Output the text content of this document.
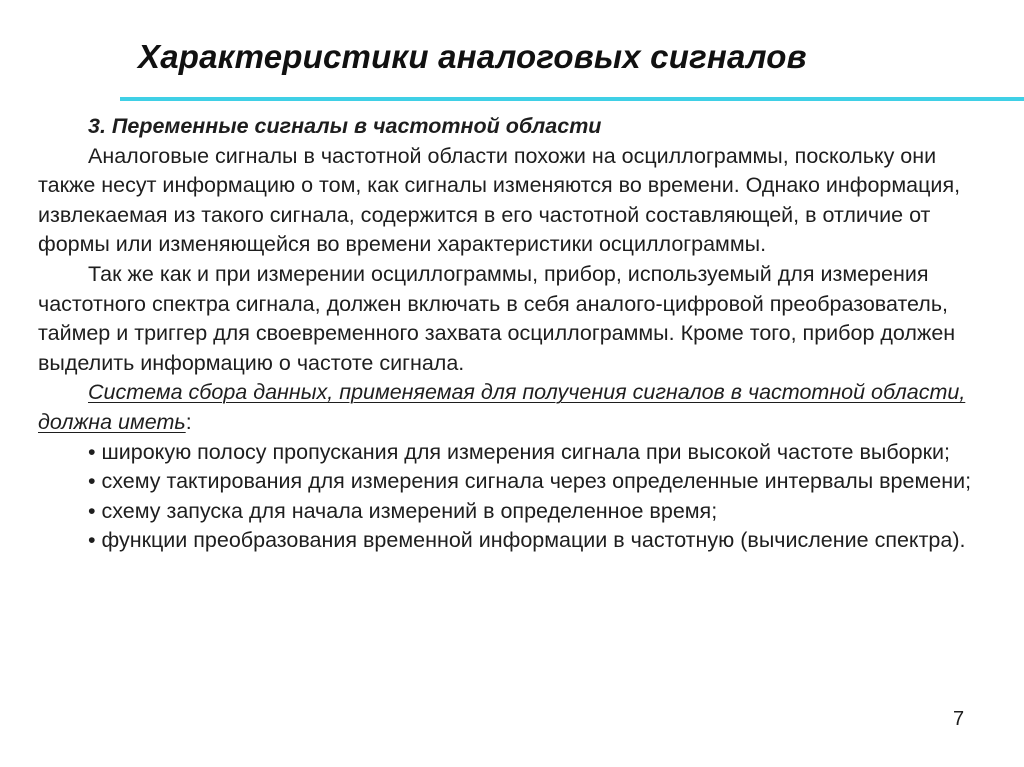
Характеристики аналоговых сигналов

3. Переменные сигналы в частотной области

Аналоговые сигналы в частотной области похожи на осциллограммы, поскольку они также несут информацию о том, как сигналы изменяются во времени. Однако информация, извлекаемая из такого сигнала, содержится в его частотной составляющей, в отличие от формы или изменяющейся во времени характеристики осциллограммы.

Так же как и при измерении осциллограммы, прибор, используемый для измерения частотного спектра сигнала, должен включать в себя аналого-цифровой преобразователь, таймер и триггер для своевременного захвата осциллограммы. Кроме того, прибор должен выделить информацию о частоте сигнала.

Система сбора данных, применяемая для получения сигналов в частотной области, должна иметь:

• широкую полосу пропускания для измерения сигнала при высокой частоте выборки;

• схему тактирования для измерения сигнала через определенные интервалы времени;

• схему запуска для начала измерений в определенное время;

• функции преобразования временной информации в частотную (вычисление спектра).

7
